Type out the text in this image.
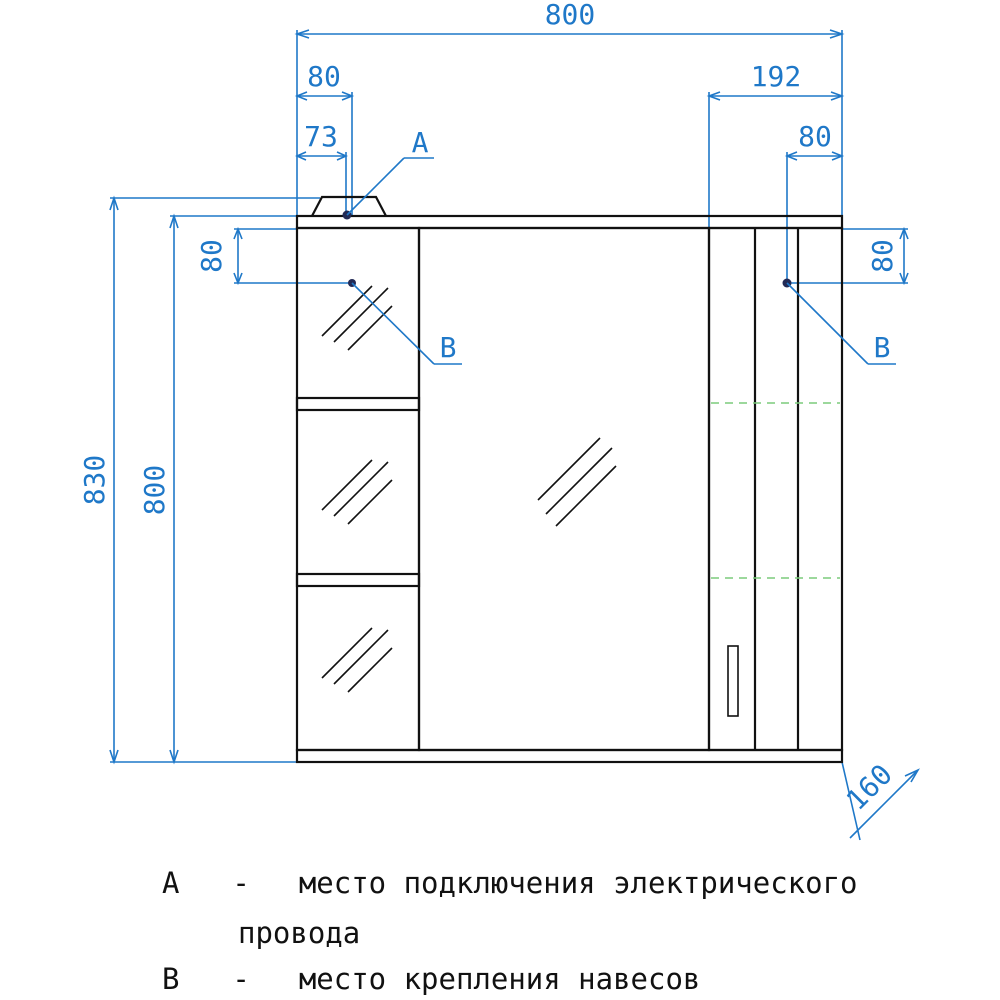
800
80
73
192
80
830 800
80	80
160
A
B	B
A - место подключения электрического
провода
B - место крепления навесов
